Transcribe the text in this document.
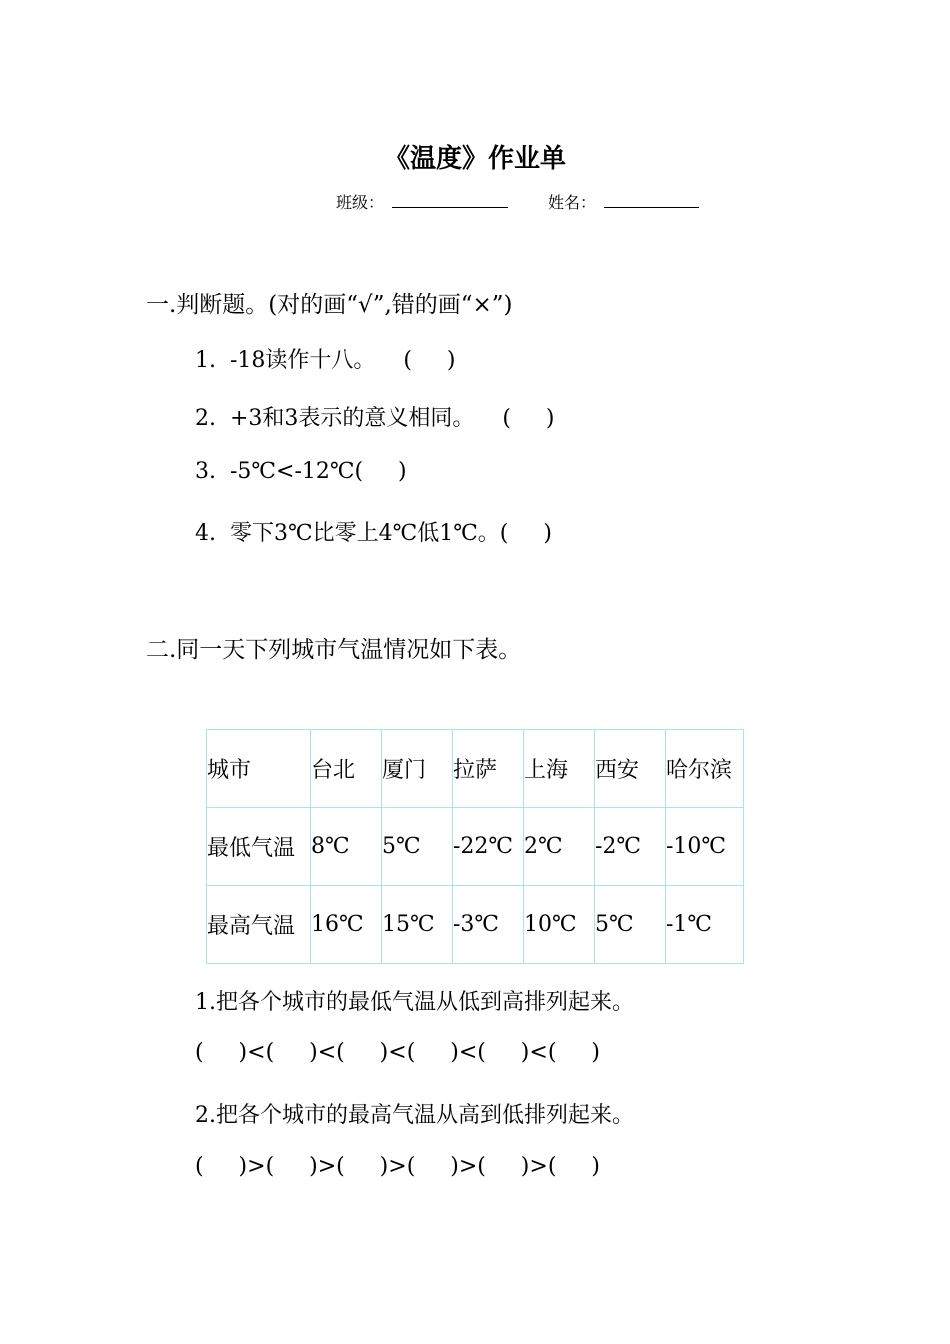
《温度》作业单
班级：	姓名：
一.判断题。(对的画“√”,错的画“×”)
1.  -18读作十八。    (     )
2.  +3和3表示的意义相同。    (     )
3.  -5℃<-12℃(     )
4.  零下3℃比零上4℃低1℃。(     )
二.同一天下列城市气温情况如下表。
城市	台北	厦门	拉萨	上海	西安	哈尔滨
最低气温	8℃	5℃	-22℃	2℃	-2℃	-10℃
最高气温	16℃	15℃	-3℃	10℃	5℃	-1℃
1.把各个城市的最低气温从低到高排列起来。
(     )<(     )<(     )<(     )<(     )<(     )
2.把各个城市的最高气温从高到低排列起来。
(     )>(     )>(     )>(     )>(     )>(     )
